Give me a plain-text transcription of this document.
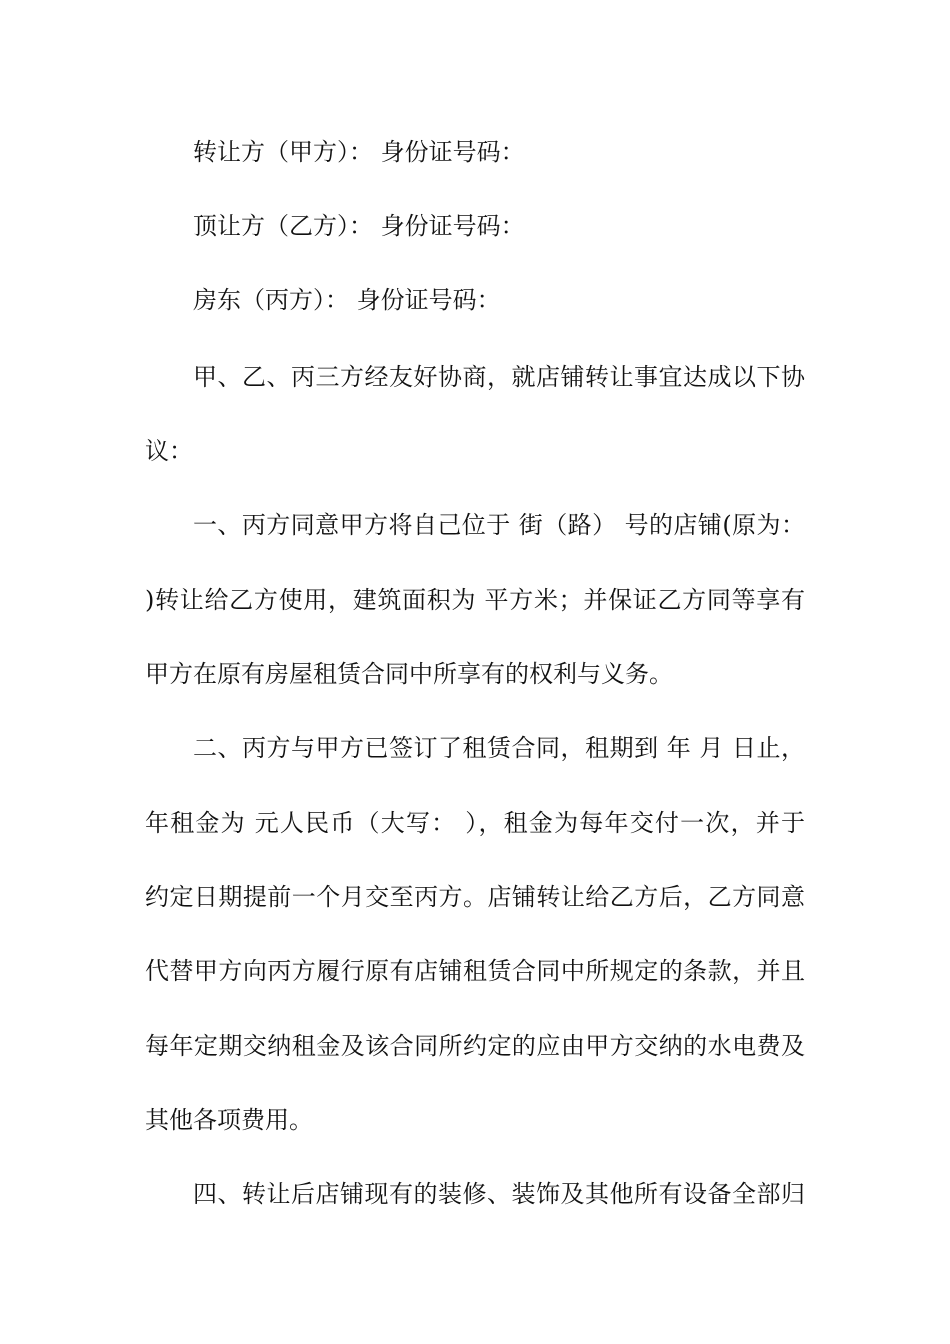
转让方（甲方）： 身份证号码：
顶让方（乙方）： 身份证号码：
房东（丙方）： 身份证号码：
甲、乙、丙三方经友好协商，就店铺转让事宜达成以下协
议：
一、丙方同意甲方将自己位于 街（路） 号的店铺(原为：
)转让给乙方使用，建筑面积为 平方米；并保证乙方同等享有
甲方在原有房屋租赁合同中所享有的权利与义务。
二、丙方与甲方已签订了租赁合同，租期到 年 月 日止，
年租金为 元人民币（大写： ），租金为每年交付一次，并于
约定日期提前一个月交至丙方。店铺转让给乙方后，乙方同意
代替甲方向丙方履行原有店铺租赁合同中所规定的条款，并且
每年定期交纳租金及该合同所约定的应由甲方交纳的水电费及
其他各项费用。
四、转让后店铺现有的装修、装饰及其他所有设备全部归
